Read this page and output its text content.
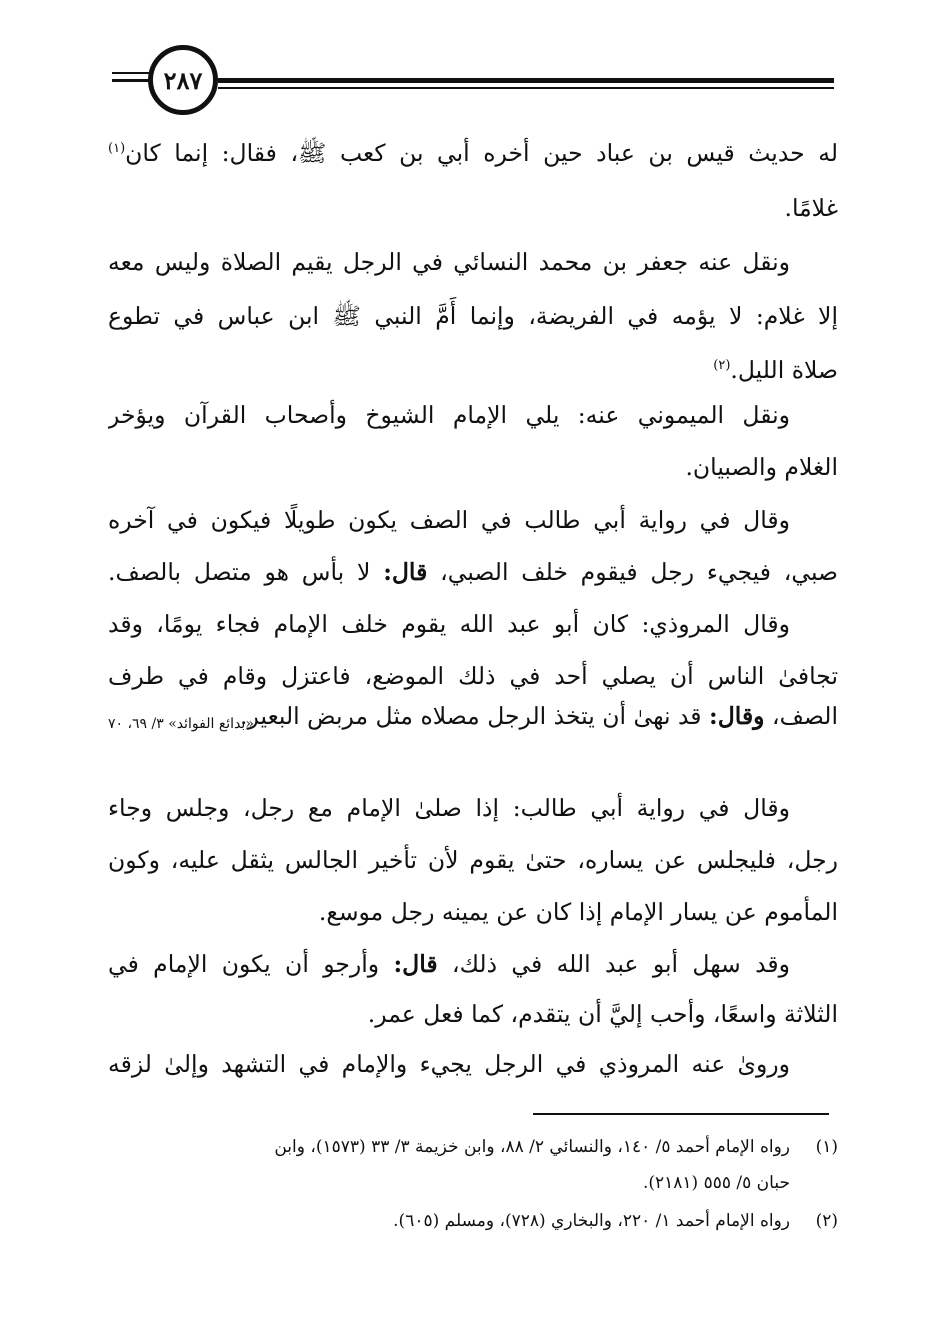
٢٨٧
له حديث قيس بن عباد حين أخره أبي بن كعب ﷺ، فقال: إنما كان$^{(١)}$
غلامًا.
ونقل عنه جعفر بن محمد النسائي في الرجل يقيم الصلاة وليس معه
إلا غلام: لا يؤمه في الفريضة، وإنما أَمَّ النبي ﷺ ابن عباس في تطوع
صلاة الليل.$^{(٢)}$
ونقل الميموني عنه: يلي الإمام الشيوخ وأصحاب القرآن ويؤخر
الغلام والصبيان.
وقال في رواية أبي طالب في الصف يكون طويلًا فيكون في آخره
صبي، فيجيء رجل فيقوم خلف الصبي، قال: لا بأس هو متصل بالصف.
وقال المروذي: كان أبو عبد الله يقوم خلف الإمام فجاء يومًا، وقد
تجافىٰ الناس أن يصلي أحد في ذلك الموضع، فاعتزل وقام في طرف
الصف، وقال: قد نهىٰ أن يتخذ الرجل مصلاه مثل مربض البعير.
«بدائع الفوائد» ٣/ ٦٩، ٧٠
وقال في رواية أبي طالب: إذا صلىٰ الإمام مع رجل، وجلس وجاء
رجل، فليجلس عن يساره، حتىٰ يقوم لأن تأخير الجالس يثقل عليه، وكون
المأموم عن يسار الإمام إذا كان عن يمينه رجل موسع.
وقد سهل أبو عبد الله في ذلك، قال: وأرجو أن يكون الإمام في
الثلاثة واسعًا، وأحب إليَّ أن يتقدم، كما فعل عمر.
ورویٰ عنه المروذي في الرجل يجيء والإمام في التشهد وإلىٰ لزقه
(١)رواه الإمام أحمد ٥/ ١٤٠، والنسائي ٢/ ٨٨، وابن خزيمة ٣/ ٣٣ (١٥٧٣)، وابن
حبان ٥/ ٥٥٥ (٢١٨١).
(٢)رواه الإمام أحمد ١/ ٢٢٠، والبخاري (٧٢٨)، ومسلم (٦٠٥).
